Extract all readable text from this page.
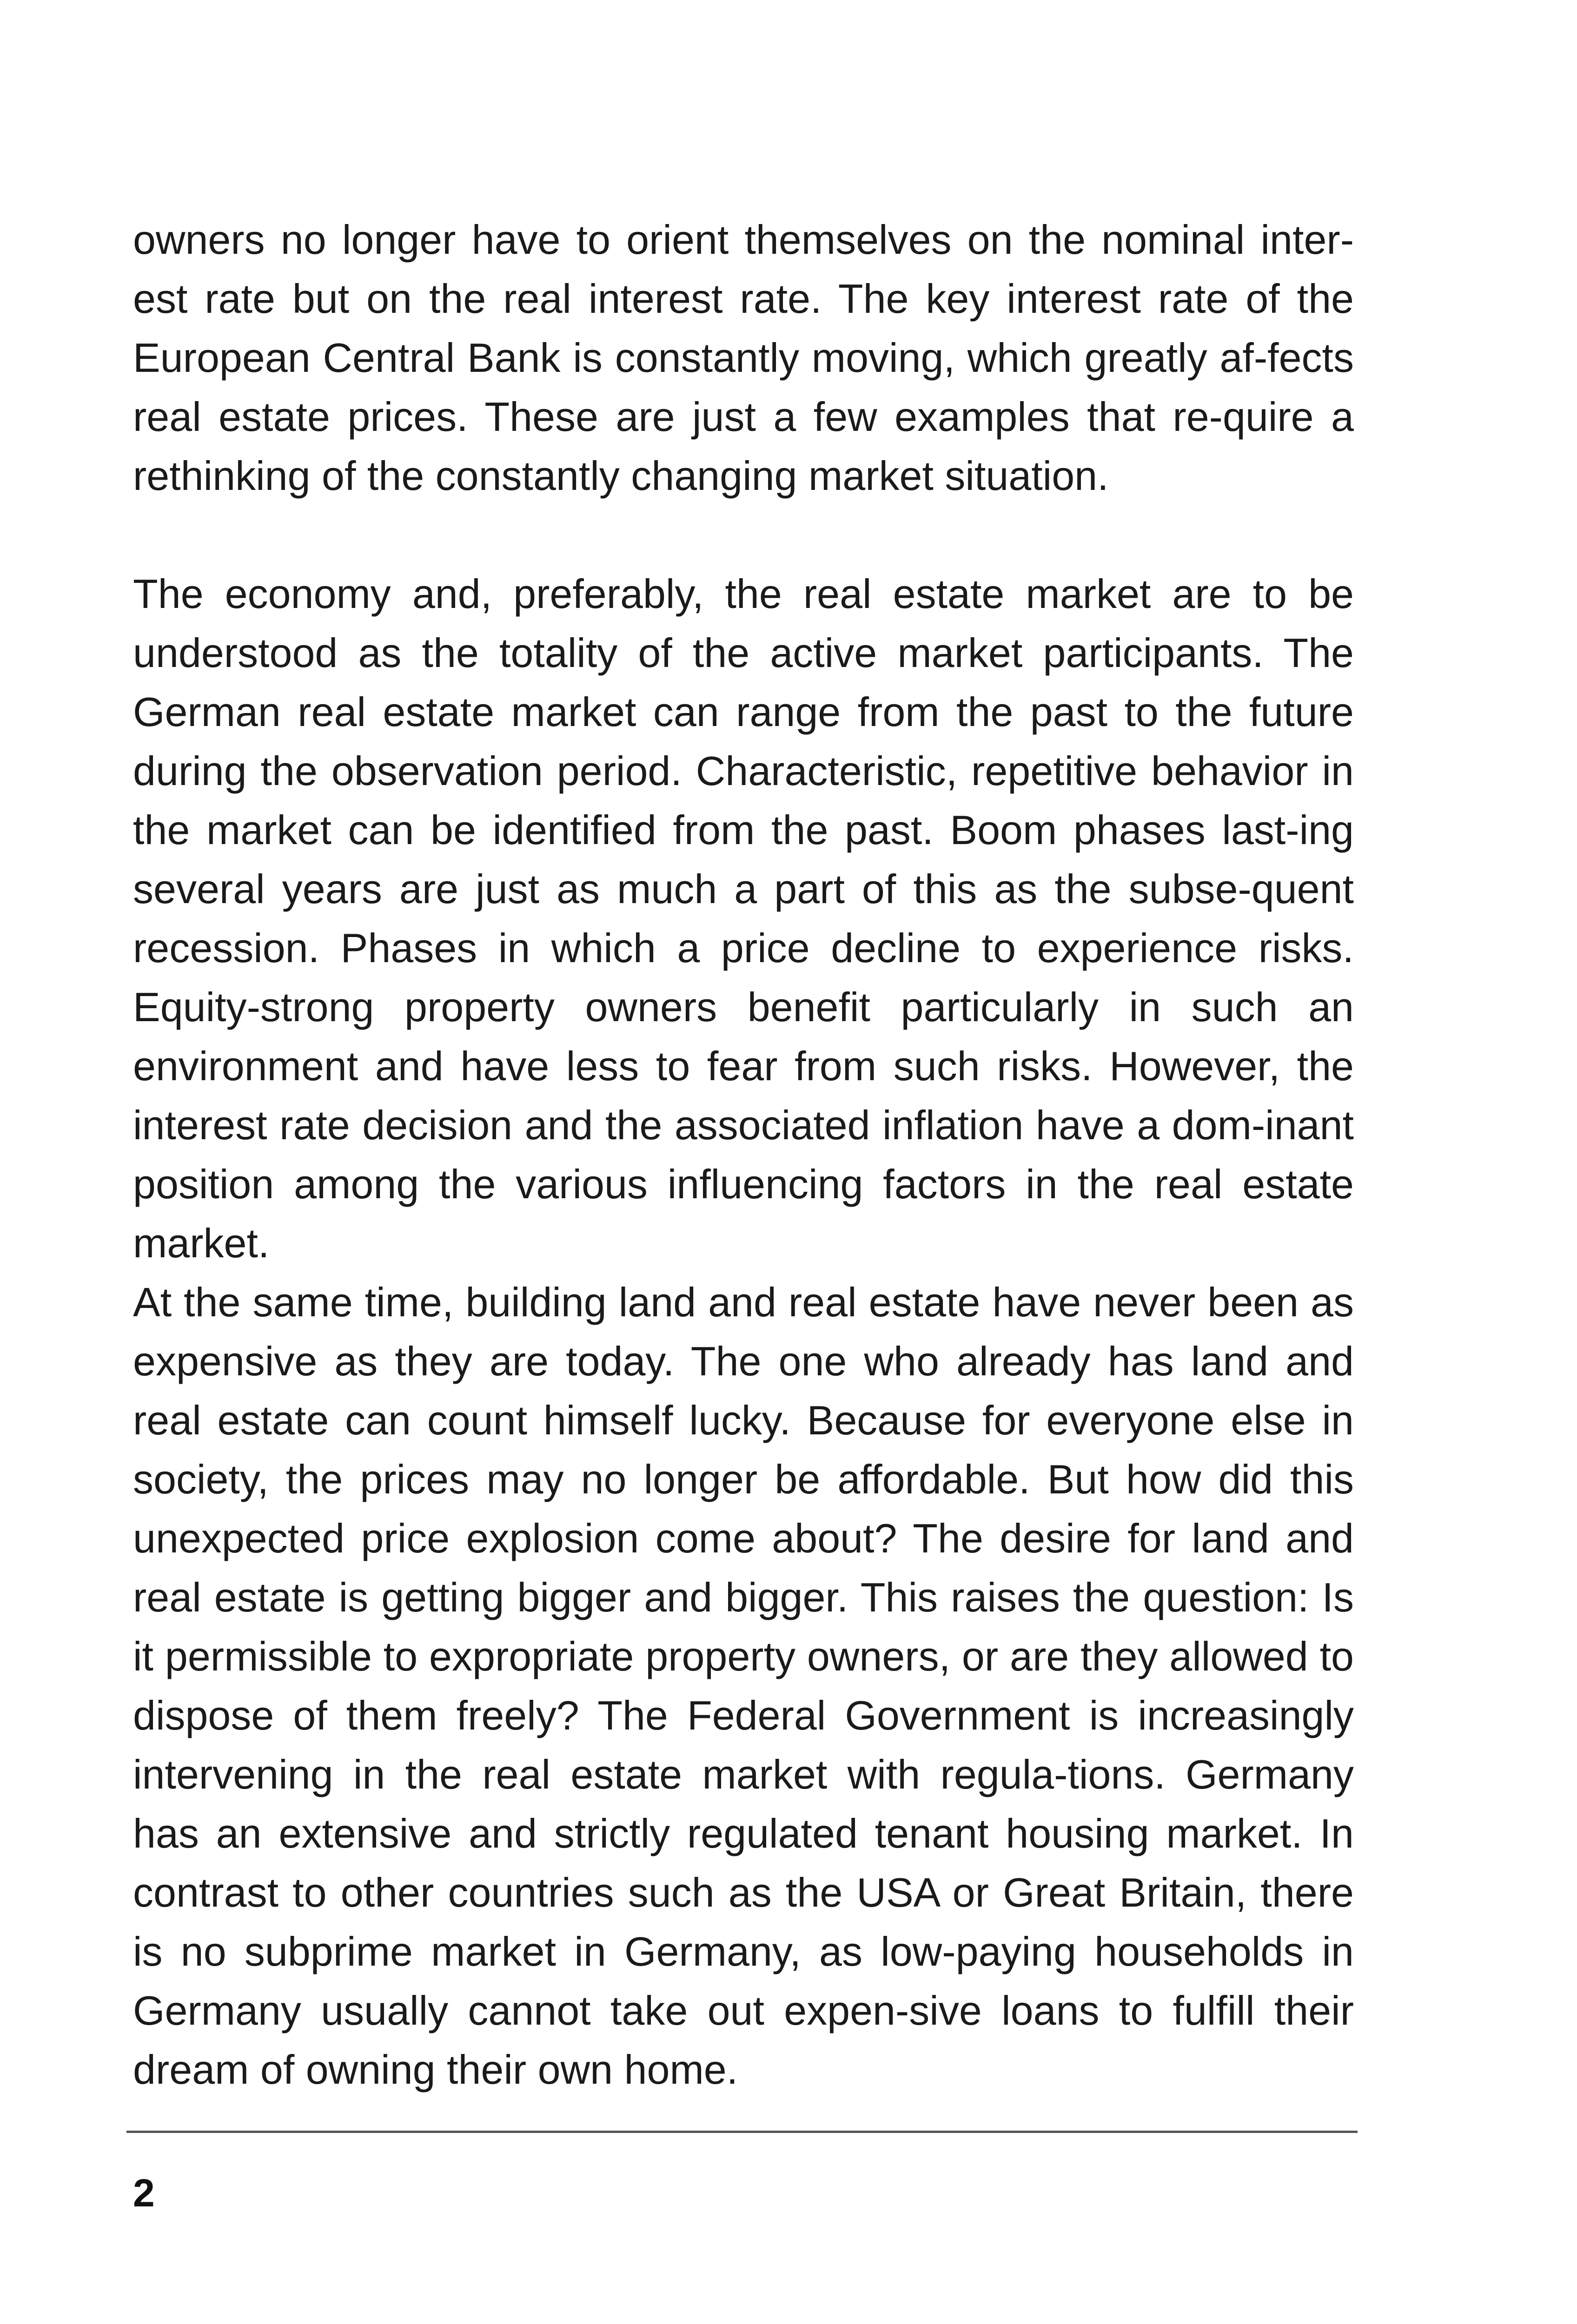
owners no longer have to orient themselves on the nominal inter-est rate but on the real interest rate. The key interest rate of the European Central Bank is constantly moving, which greatly af-fects real estate prices. These are just a few examples that re-quire a rethinking of the constantly changing market situation.

The economy and, preferably, the real estate market are to be understood as the totality of the active market participants. The German real estate market can range from the past to the future during the observation period. Characteristic, repetitive behavior in the market can be identified from the past. Boom phases last-ing several years are just as much a part of this as the subse-quent recession. Phases in which a price decline to experience risks. Equity-strong property owners benefit particularly in such an environment and have less to fear from such risks. However, the interest rate decision and the associated inflation have a dom-inant position among the various influencing factors in the real estate market.

At the same time, building land and real estate have never been as expensive as they are today. The one who already has land and real estate can count himself lucky. Because for everyone else in society, the prices may no longer be affordable. But how did this unexpected price explosion come about? The desire for land and real estate is getting bigger and bigger. This raises the question: Is it permissible to expropriate property owners, or are they allowed to dispose of them freely? The Federal Government is increasingly intervening in the real estate market with regula-tions. Germany has an extensive and strictly regulated tenant housing market. In contrast to other countries such as the USA or Great Britain, there is no subprime market in Germany, as low-paying households in Germany usually cannot take out expen-sive loans to fulfill their dream of owning their own home.

2
